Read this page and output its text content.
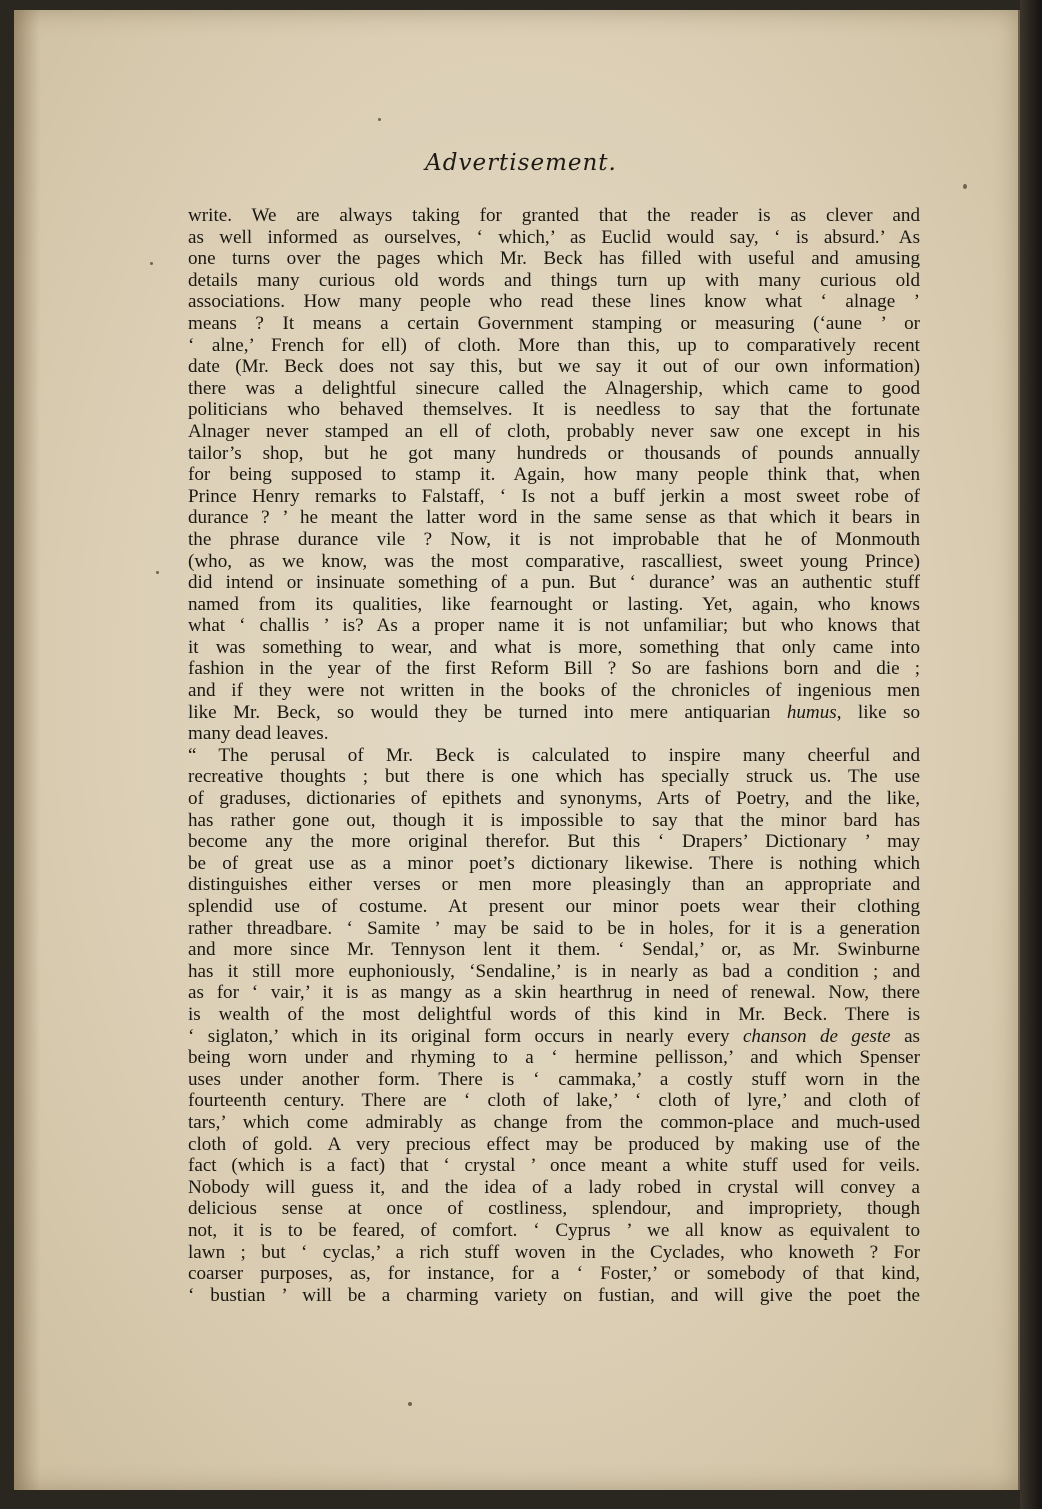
Advertisement.
write. We are always taking for granted that the reader is as clever and
as well informed as ourselves, ‘ which,’ as Euclid would say, ‘ is absurd.’ As
one turns over the pages which Mr. Beck has filled with useful and amusing
details many curious old words and things turn up with many curious old
associations. How many people who read these lines know what ‘ alnage ’
means ? It means a certain Government stamping or measuring (‘aune ’ or
‘ alne,’ French for ell) of cloth. More than this, up to comparatively recent
date (Mr. Beck does not say this, but we say it out of our own information)
there was a delightful sinecure called the Alnagership, which came to good
politicians who behaved themselves. It is needless to say that the fortunate
Alnager never stamped an ell of cloth, probably never saw one except in his
tailor’s shop, but he got many hundreds or thousands of pounds annually
for being supposed to stamp it. Again, how many people think that, when
Prince Henry remarks to Falstaff, ‘ Is not a buff jerkin a most sweet robe of
durance ? ’ he meant the latter word in the same sense as that which it bears in
the phrase durance vile ? Now, it is not improbable that he of Monmouth
(who, as we know, was the most comparative, rascalliest, sweet young Prince)
did intend or insinuate something of a pun. But ‘ durance’ was an authentic stuff
named from its qualities, like fearnought or lasting. Yet, again, who knows
what ‘ challis ’ is? As a proper name it is not unfamiliar; but who knows that
it was something to wear, and what is more, something that only came into
fashion in the year of the first Reform Bill ? So are fashions born and die ;
and if they were not written in the books of the chronicles of ingenious men
like Mr. Beck, so would they be turned into mere antiquarian humus, like so
many dead leaves.
“ The perusal of Mr. Beck is calculated to inspire many cheerful and
recreative thoughts ; but there is one which has specially struck us. The use
of graduses, dictionaries of epithets and synonyms, Arts of Poetry, and the like,
has rather gone out, though it is impossible to say that the minor bard has
become any the more original therefor. But this ‘ Drapers’ Dictionary ’ may
be of great use as a minor poet’s dictionary likewise. There is nothing which
distinguishes either verses or men more pleasingly than an appropriate and
splendid use of costume. At present our minor poets wear their clothing
rather threadbare. ‘ Samite ’ may be said to be in holes, for it is a generation
and more since Mr. Tennyson lent it them. ‘ Sendal,’ or, as Mr. Swinburne
has it still more euphoniously, ‘Sendaline,’ is in nearly as bad a condition ; and
as for ‘ vair,’ it is as mangy as a skin hearthrug in need of renewal. Now, there
is wealth of the most delightful words of this kind in Mr. Beck. There is
‘ siglaton,’ which in its original form occurs in nearly every chanson de geste as
being worn under and rhyming to a ‘ hermine pellisson,’ and which Spenser
uses under another form. There is ‘ cammaka,’ a costly stuff worn in the
fourteenth century. There are ‘ cloth of lake,’ ‘ cloth of lyre,’ and cloth of
tars,’ which come admirably as change from the common-place and much-used
cloth of gold. A very precious effect may be produced by making use of the
fact (which is a fact) that ‘ crystal ’ once meant a white stuff used for veils.
Nobody will guess it, and the idea of a lady robed in crystal will convey a
delicious sense at once of costliness, splendour, and impropriety, though
not, it is to be feared, of comfort. ‘ Cyprus ’ we all know as equivalent to
lawn ; but ‘ cyclas,’ a rich stuff woven in the Cyclades, who knoweth ? For
coarser purposes, as, for instance, for a ‘ Foster,’ or somebody of that kind,
‘ bustian ’ will be a charming variety on fustian, and will give the poet the
